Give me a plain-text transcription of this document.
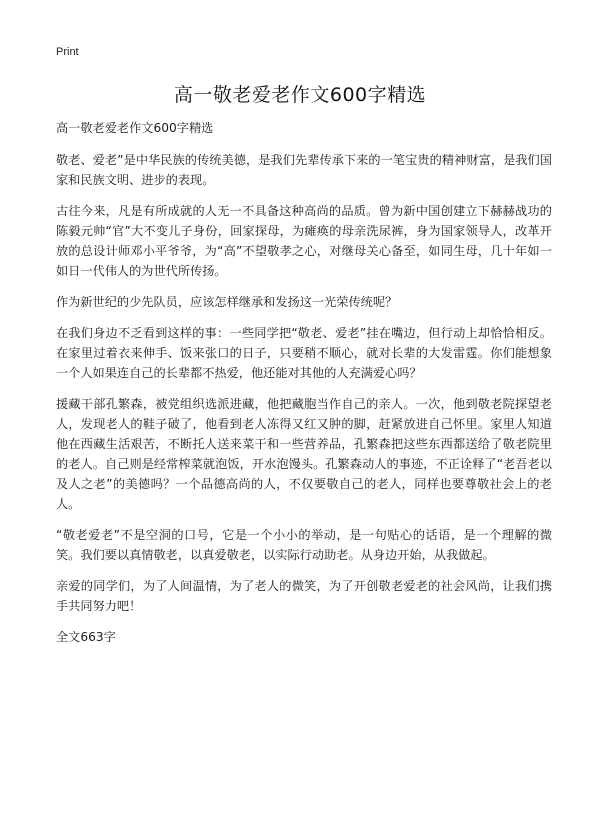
Print
高一敬老爱老作文600字精选

高一敬老爱老作文600字精选

敬老、爱老”是中华民族的传统美德，是我们先辈传承下来的一笔宝贵的精神财富，是我们国家和民族文明、进步的表现。

古往今来，凡是有所成就的人无一不具备这种高尚的品质。曾为新中国创建立下赫赫战功的陈毅元帅“官”大不变儿子身份，回家探母，为瘫痪的母亲洗尿裤，身为国家领导人，改革开放的总设计师邓小平爷爷，为“高”不望敬孝之心，对继母关心备至，如同生母，几十年如一如日一代伟人的为世代所传扬。

作为新世纪的少先队员，应该怎样继承和发扬这一光荣传统呢？

在我们身边不乏看到这样的事：一些同学把“敬老、爱老”挂在嘴边，但行动上却恰恰相反。在家里过着衣来伸手、饭来张口的日子，只要稍不顺心，就对长辈的大发雷霆。你们能想象一个人如果连自己的长辈都不热爱，他还能对其他的人充满爱心吗？

援藏干部孔繁森，被党组织选派进藏，他把藏胞当作自己的亲人。一次，他到敬老院探望老人，发现老人的鞋子破了，他看到老人冻得又红又肿的脚，赶紧放进自己怀里。家里人知道他在西藏生活艰苦，不断托人送来菜干和一些营养品，孔繁森把这些东西都送给了敬老院里的老人。自己则是经常榨菜就泡饭，开水泡馒头。孔繁森动人的事迹，不正诠释了“老吾老以及人之老”的美德吗？一个品德高尚的人，不仅要敬自己的老人，同样也要尊敬社会上的老人。

“敬老爱老”不是空洞的口号，它是一个小小的举动，是一句贴心的话语，是一个理解的微笑。我们要以真情敬老，以真爱敬老，以实际行动助老。从身边开始，从我做起。

亲爱的同学们，为了人间温情，为了老人的微笑，为了开创敬老爱老的社会风尚，让我们携手共同努力吧！

全文663字
